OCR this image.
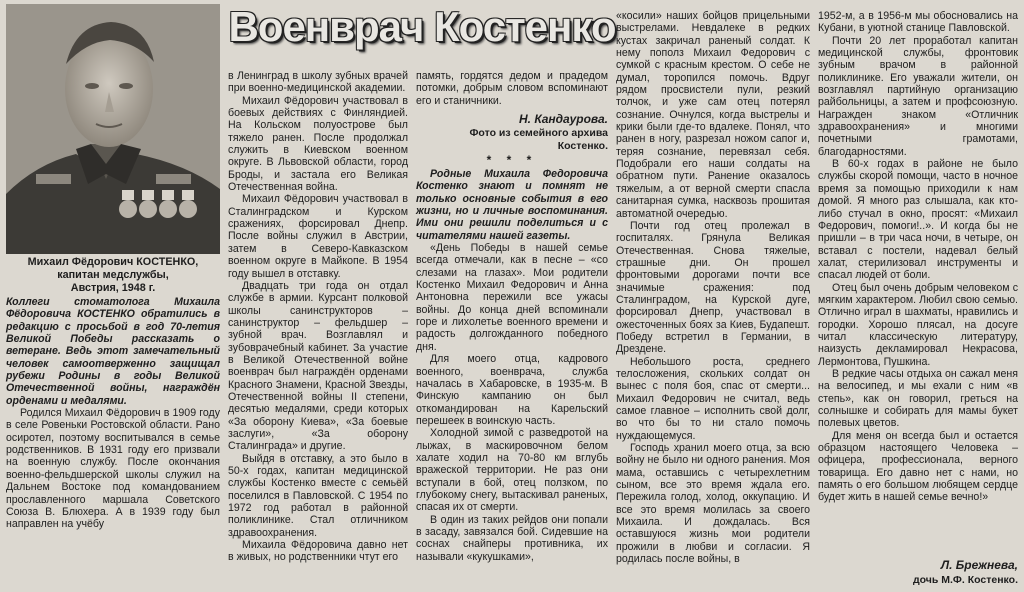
Михаил Фёдорович КОСТЕНКО,
капитан медслужбы,
Австрия, 1948 г.
Военврач Костенко

Коллеги стоматолога Михаила Фёдоровича КОСТЕНКО обратились в редакцию с просьбой в год 70-летия Великой Победы рассказать о ветеране. Ведь этот замечательный человек самоотверженно защищал рубежи Родины в годы Великой Отечественной войны, награждён орденами и медалями.

Родился Михаил Фёдорович в 1909 году в селе Ровеньки Ростовской области. Рано осиротел, поэтому воспитывался в семье родственников. В 1931 году его призвали на военную службу. После окончания военно-фельдшерской школы служил на Дальнем Востоке под командованием прославленного маршала Советского Союза В. Блюхера. А в 1939 году был направлен на учёбу

в Ленинград в школу зубных врачей при военно-медицинской академии.

Михаил Фёдорович участвовал в боевых действиях с Финляндией. На Кольском полуострове был тяжело ранен. После продолжал служить в Киевском военном округе. В Львовской области, город Броды, и застала его Великая Отечественная война.

Михаил Фёдорович участвовал в Сталинградском и Курском сражениях, форсировал Днепр. После войны служил в Австрии, затем в Северо-Кавказском военном округе в Майкопе. В 1954 году вышел в отставку.

Двадцать три года он отдал службе в армии. Курсант полковой школы санинструкторов – санинструктор – фельдшер – зубной врач. Возглавлял и зубоврачебный кабинет. За участие в Великой Отечественной войне военврач был награждён орденами Красного Знамени, Красной Звезды, Отечественной войны II степени, десятью медалями, среди которых «За оборону Киева», «За боевые заслуги», «За оборону Сталинграда» и другие.

Выйдя в отставку, а это было в 50-х годах, капитан медицинской службы Костенко вместе с семьёй поселился в Павловской. С 1954 по 1972 год работал в районной поликлинике. Стал отличником здравоохранения.

Михаила Фёдоровича давно нет в живых, но родственники чтут его

память, гордятся дедом и прадедом потомки, добрым словом вспоминают его и станичники.

Н. Кандаурова.
Фото из семейного архива
Костенко.
* * *

Родные Михаила Федоровича Костенко знают и помнят не только основные события в его жизни, но и личные воспоминания. Ими они решили поделиться и с читателями нашей газеты.

«День Победы в нашей семье всегда отмечали, как в песне – «со слезами на глазах». Мои родители Костенко Михаил Федорович и Анна Антоновна пережили все ужасы войны. До конца дней вспоминали горе и лихолетье военного времени и радость долгожданного победного дня.

Для моего отца, кадрового военного, военврача, служба началась в Хабаровске, в 1935-м. В Финскую кампанию он был откомандирован на Карельский перешеек в воинскую часть.

Холодной зимой с разведротой на лыжах, в маскировочном белом халате ходил на 70-80 км вглубь вражеской территории. Не раз они вступали в бой, отец ползком, по глубокому снегу, вытаскивал раненых, спасая их от смерти.

В один из таких рейдов они попали в засаду, завязался бой. Сидевшие на соснах снайперы противника, их называли «кукушками»,

«косили» наших бойцов прицельными выстрелами. Невдалеке в редких кустах закричал раненый солдат. К нему пополз Михаил Федорович с сумкой с красным крестом. О себе не думал, торопился помочь. Вдруг рядом просвистели пули, резкий толчок, и уже сам отец потерял сознание. Очнулся, когда выстрелы и крики были где-то вдалеке. Понял, что ранен в ногу, разрезал ножом сапог и, теряя сознание, перевязал себя. Подобрали его наши солдаты на обратном пути. Ранение оказалось тяжелым, а от верной смерти спасла санитарная сумка, насквозь прошитая автоматной очередью.

Почти год отец пролежал в госпиталях. Грянула Великая Отечественная. Снова тяжелые, страшные дни. Он прошел фронтовыми дорогами почти все значимые сражения: под Сталинградом, на Курской дуге, форсировал Днепр, участвовал в ожесточенных боях за Киев, Будапешт. Победу встретил в Германии, в Дрездене.

Небольшого роста, среднего телосложения, скольких солдат он вынес с поля боя, спас от смерти... Михаил Федорович не считал, ведь самое главное – исполнить свой долг, во что бы то ни стало помочь нуждающемуся.

Господь хранил моего отца, за всю войну не было ни одного ранения. Моя мама, оставшись с четырехлетним сыном, все это время ждала его. Пережила голод, холод, оккупацию. И все это время молилась за своего Михаила. И дождалась. Вся оставшуюся жизнь мои родители прожили в любви и согласии. Я родилась после войны, в

1952-м, а в 1956-м мы обосновались на Кубани, в уютной станице Павловской.

Почти 20 лет проработал капитан медицинской службы, фронтовик зубным врачом в районной поликлинике. Его уважали жители, он возглавлял партийную организацию райбольницы, а затем и профсоюзную. Награжден знаком «Отличник здравоохранения» и многими почетными грамотами, благодарностями.

В 60-х годах в районе не было службы скорой помощи, часто в ночное время за помощью приходили к нам домой. Я много раз слышала, как кто-либо стучал в окно, просят: «Михаил Федорович, помоги!..». И когда бы не пришли – в три часа ночи, в четыре, он вставал с постели, надевал белый халат, стерилизовал инструменты и спасал людей от боли.

Отец был очень добрым человеком с мягким характером. Любил свою семью. Отлично играл в шахматы, нравились и городки. Хорошо плясал, на досуге читал классическую литературу, наизусть декламировал Некрасова, Лермонтова, Пушкина.

В редкие часы отдыха он сажал меня на велосипед, и мы ехали с ним «в степь», как он говорил, греться на солнышке и собирать для мамы букет полевых цветов.

Для меня он всегда был и остается образцом настоящего Человека – офицера, профессионала, верного товарища. Его давно нет с нами, но память о его большом любящем сердце будет жить в нашей семье вечно!»

Л. Брежнева,
дочь М.Ф. Костенко.
